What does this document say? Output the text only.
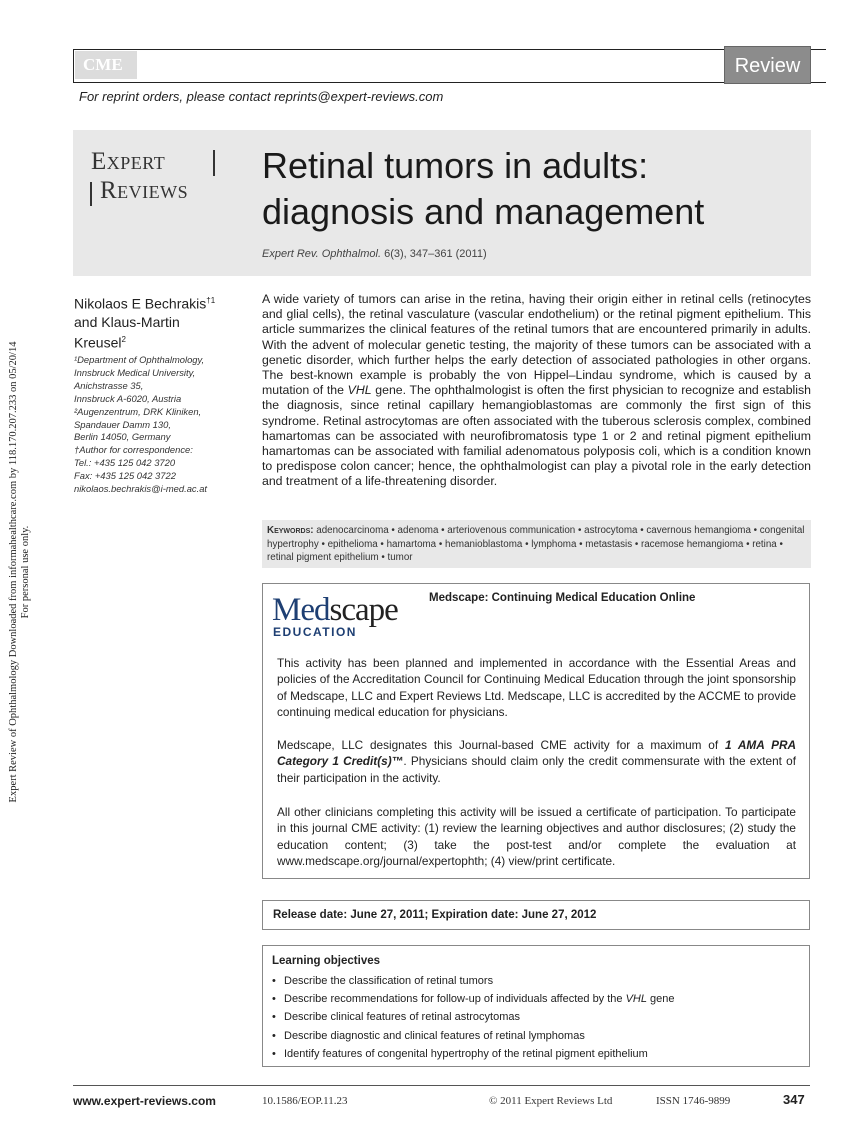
Expert Review of Ophthalmology Downloaded from informahealthcare.com by 118.170.207.233 on 05/20/14 For personal use only.
CME	Review
For reprint orders, please contact reprints@expert-reviews.com
Expert
Reviews
Retinal tumors in adults:
diagnosis and management
Expert Rev. Ophthalmol. 6(3), 347–361 (2011)
Nikolaos E Bechrakis$^{\dagger 1}$
and Klaus-Martin
Kreusel$^2$
¹Department of Ophthalmology,
Innsbruck Medical University,
Anichstrasse 35,
Innsbruck A-6020, Austria
²Augenzentrum, DRK Kliniken,
Spandauer Damm 130,
Berlin 14050, Germany
†Author for correspondence:
Tel.: +435 125 042 3720
Fax: +435 125 042 3722
nikolaos.bechrakis@i-med.ac.at
A wide variety of tumors can arise in the retina, having their origin either in retinal cells (retinocytes and glial cells), the retinal vasculature (vascular endothelium) or the retinal pigment epithelium. This article summarizes the clinical features of the retinal tumors that are encountered primarily in adults. With the advent of molecular genetic testing, the majority of these tumors can be associated with a genetic disorder, which further helps the early detection of associated pathologies in other organs. The best-known example is probably the von Hippel–Lindau syndrome, which is caused by a mutation of the VHL gene. The ophthalmologist is often the first physician to recognize and establish the diagnosis, since retinal capillary hemangioblastomas are commonly the first sign of this syndrome. Retinal astrocytomas are often associated with the tuberous sclerosis complex, combined hamartomas can be associated with neurofibromatosis type 1 or 2 and retinal pigment epithelium hamartomas can be associated with familial adenomatous polyposis coli, which is a condition known to predispose colon cancer; hence, the ophthalmologist can play a pivotal role in the early detection and treatment of a life-threatening disorder.
Keywords: adenocarcinoma • adenoma • arteriovenous communication • astrocytoma • cavernous hemangioma • congenital hypertrophy • epithelioma • hamartoma • hemanioblastoma • lymphoma • metastasis • racemose hemangioma • retina • retinal pigment epithelium • tumor
Medscape
EDUCATION
Medscape: Continuing Medical Education Online
This activity has been planned and implemented in accordance with the Essential Areas and policies of the Accreditation Council for Continuing Medical Education through the joint sponsorship of Medscape, LLC and Expert Reviews Ltd. Medscape, LLC is accredited by the ACCME to provide continuing medical education for physicians.
Medscape, LLC designates this Journal-based CME activity for a maximum of 1 AMA PRA Category 1 Credit(s)™. Physicians should claim only the credit commensurate with the extent of their participation in the activity.
All other clinicians completing this activity will be issued a certificate of participation. To participate in this journal CME activity: (1) review the learning objectives and author disclosures; (2) study the education content; (3) take the post-test and/or complete the evaluation at www.medscape.org/journal/expertophth; (4) view/print certificate.
Release date: June 27, 2011; Expiration date: June 27, 2012
Learning objectives
• Describe the classification of retinal tumors
• Describe recommendations for follow-up of individuals affected by the VHL gene
• Describe clinical features of retinal astrocytomas
• Describe diagnostic and clinical features of retinal lymphomas
• Identify features of congenital hypertrophy of the retinal pigment epithelium
www.expert-reviews.com	10.1586/EOP.11.23	© 2011 Expert Reviews Ltd	ISSN 1746-9899	347
